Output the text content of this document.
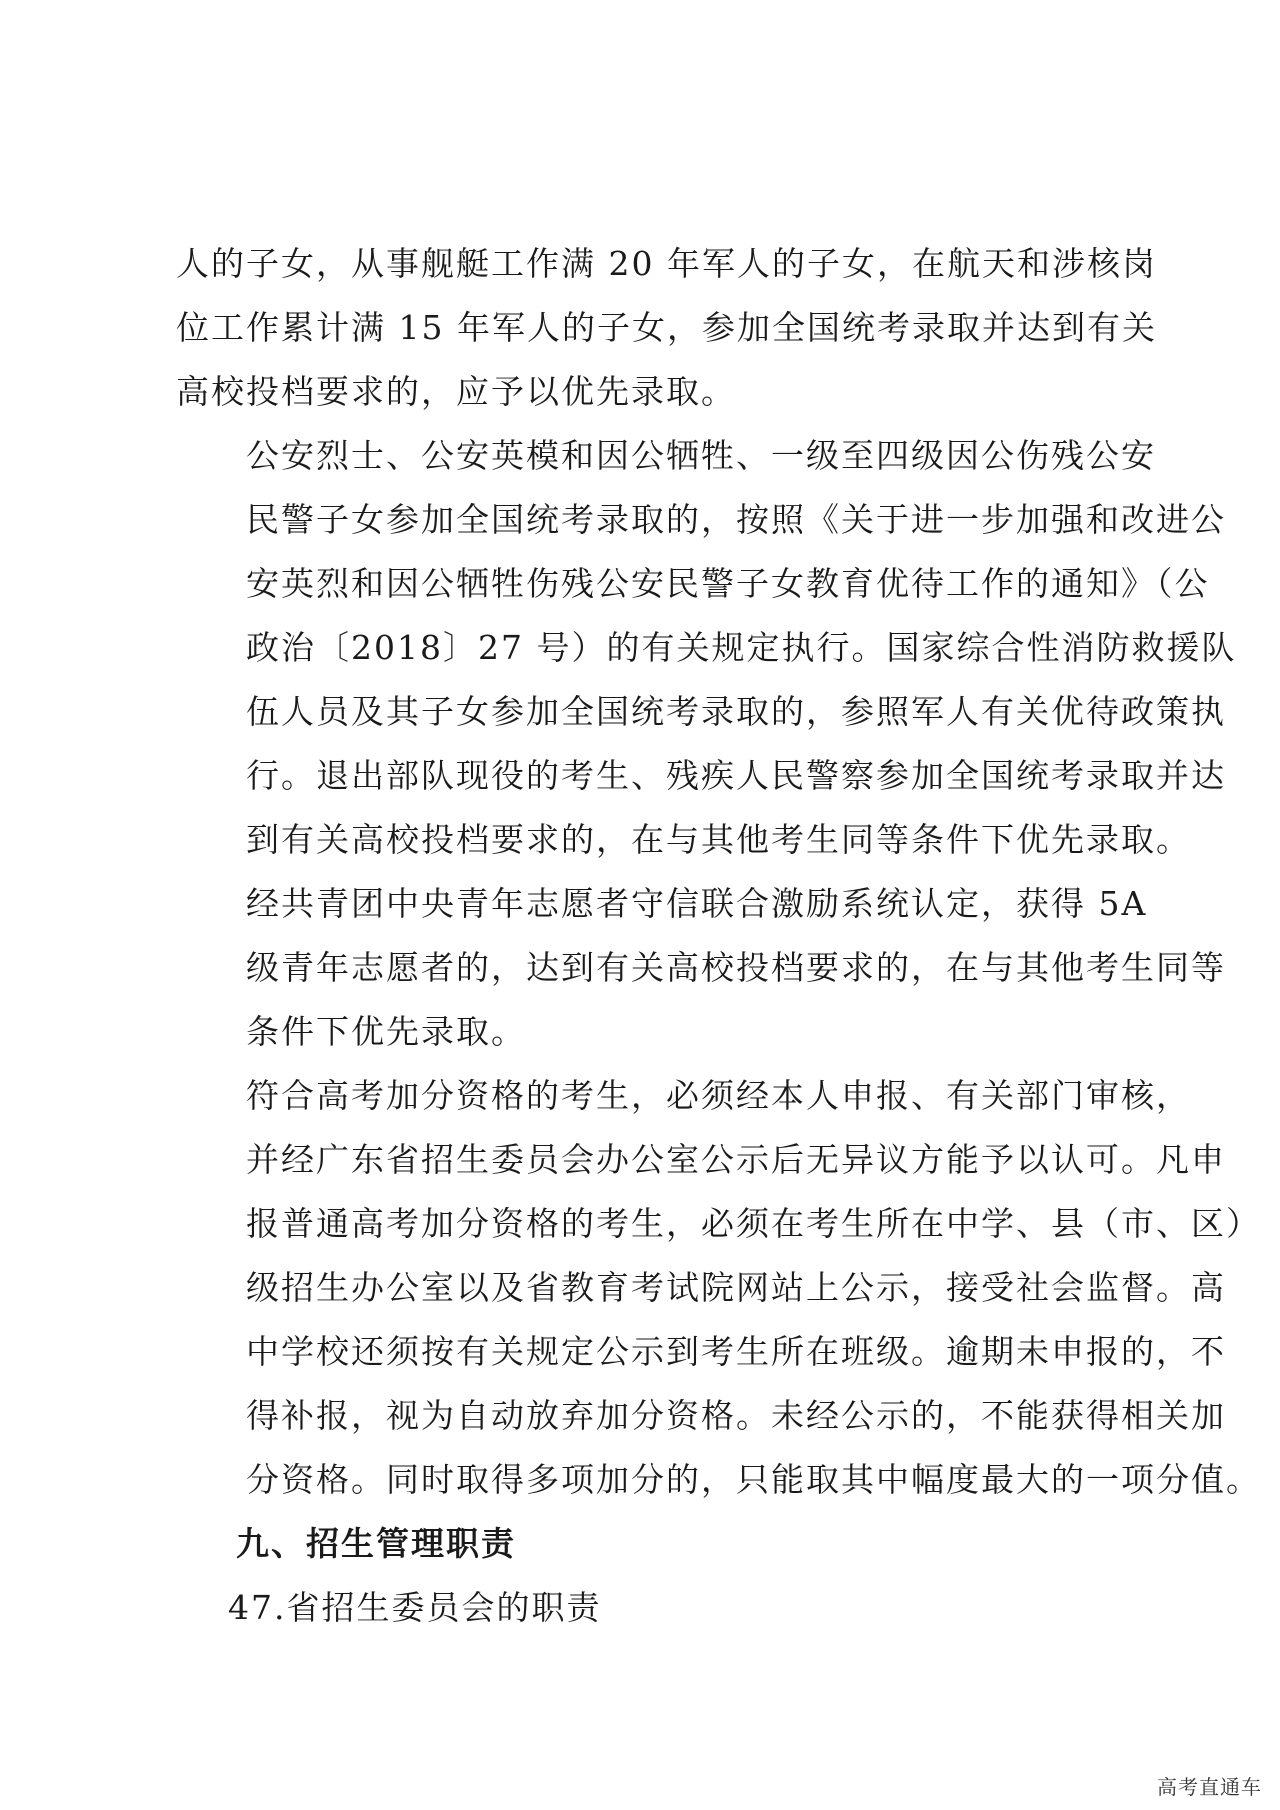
人的子女，从事舰艇工作满 20 年军人的子女，在航天和涉核岗
位工作累计满 15 年军人的子女，参加全国统考录取并达到有关
高校投档要求的，应予以优先录取。

公安烈士、公安英模和因公牺牲、一级至四级因公伤残公安
民警子女参加全国统考录取的，按照《关于进一步加强和改进公
安英烈和因公牺牲伤残公安民警子女教育优待工作的通知》（公
政治〔2018〕27 号）的有关规定执行。国家综合性消防救援队
伍人员及其子女参加全国统考录取的，参照军人有关优待政策执
行。退出部队现役的考生、残疾人民警察参加全国统考录取并达
到有关高校投档要求的，在与其他考生同等条件下优先录取。

经共青团中央青年志愿者守信联合激励系统认定，获得 5A
级青年志愿者的，达到有关高校投档要求的，在与其他考生同等
条件下优先录取。

符合高考加分资格的考生，必须经本人申报、有关部门审核，
并经广东省招生委员会办公室公示后无异议方能予以认可。凡申
报普通高考加分资格的考生，必须在考生所在中学、县（市、区）
级招生办公室以及省教育考试院网站上公示，接受社会监督。高
中学校还须按有关规定公示到考生所在班级。逾期未申报的，不
得补报，视为自动放弃加分资格。未经公示的，不能获得相关加
分资格。同时取得多项加分的，只能取其中幅度最大的一项分值。

九、招生管理职责

47.省招生委员会的职责

高考直通车
